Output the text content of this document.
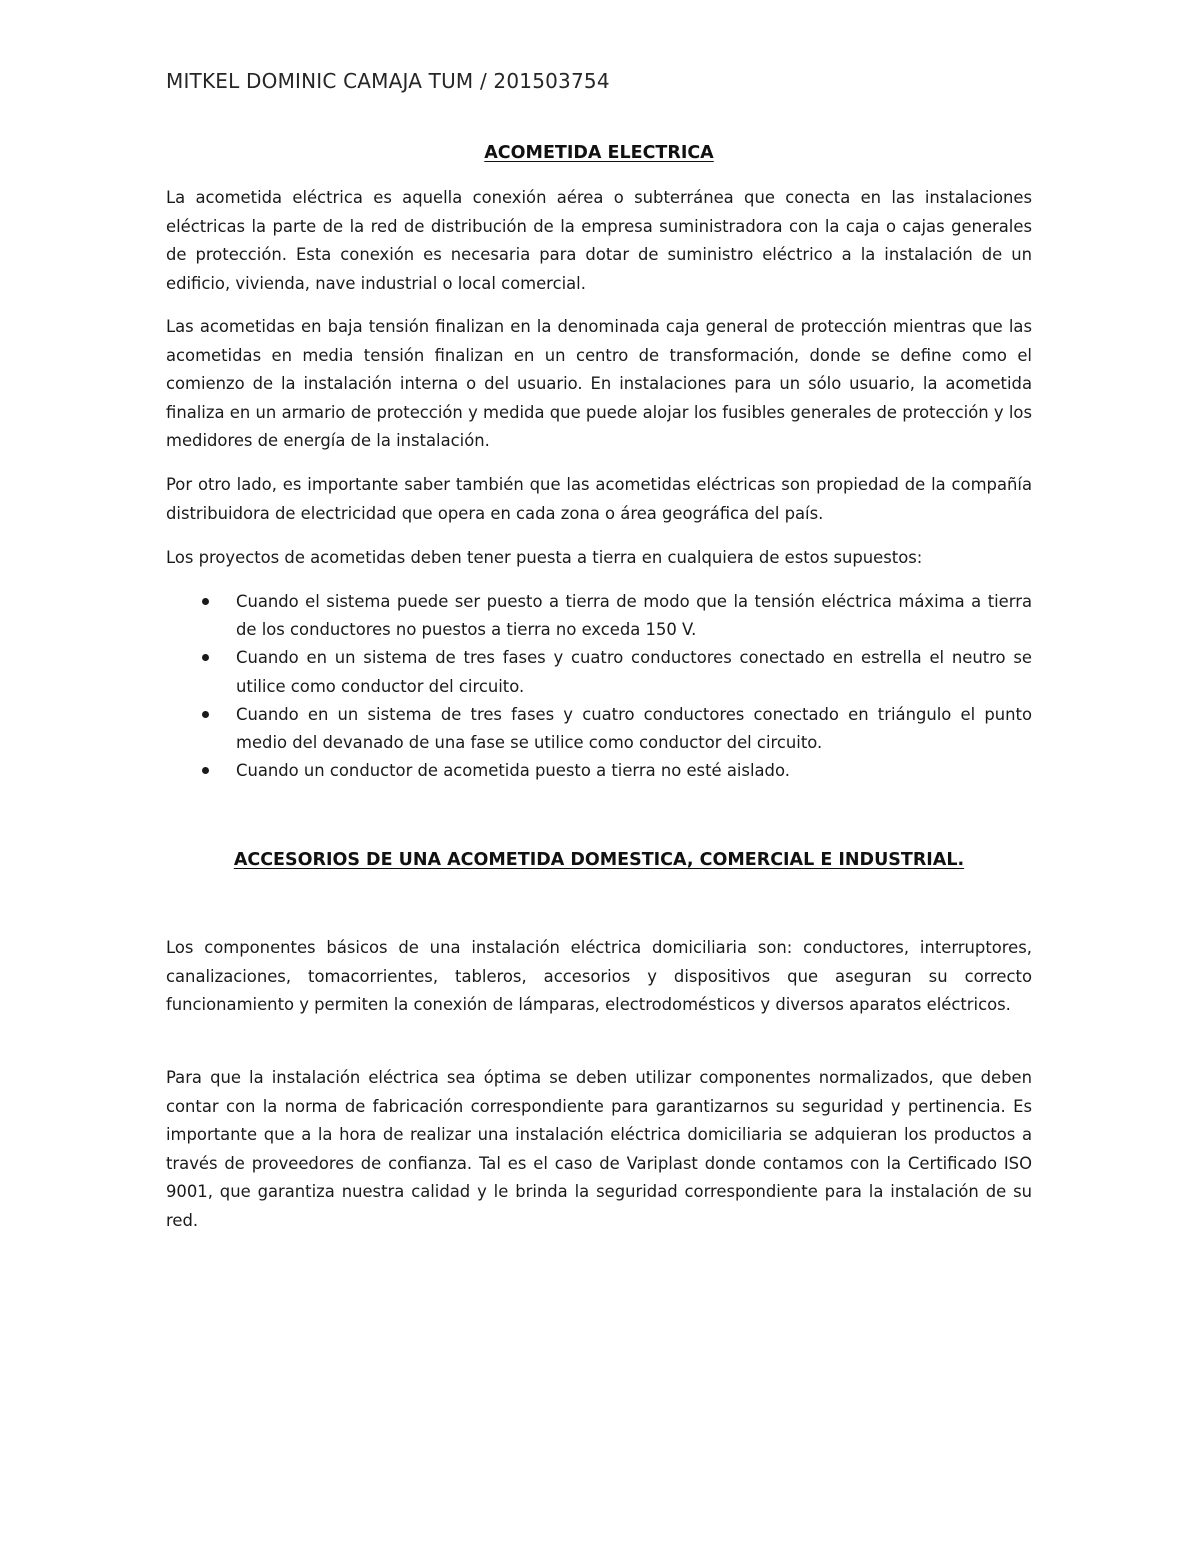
MITKEL DOMINIC CAMAJA TUM / 201503754

ACOMETIDA ELECTRICA

La acometida eléctrica es aquella conexión aérea o subterránea que conecta en las instalaciones eléctricas la parte de la red de distribución de la empresa suministradora con la caja o cajas generales de protección. Esta conexión es necesaria para dotar de suministro eléctrico a la instalación de un edificio, vivienda, nave industrial o local comercial.

Las acometidas en baja tensión finalizan en la denominada caja general de protección mientras que las acometidas en media tensión finalizan en un centro de transformación, donde se define como el comienzo de la instalación interna o del usuario. En instalaciones para un sólo usuario, la acometida finaliza en un armario de protección y medida que puede alojar los fusibles generales de protección y los medidores de energía de la instalación.

Por otro lado, es importante saber también que las acometidas eléctricas son propiedad de la compañía distribuidora de electricidad que opera en cada zona o área geográfica del país.

Los proyectos de acometidas deben tener puesta a tierra en cualquiera de estos supuestos:

Cuando el sistema puede ser puesto a tierra de modo que la tensión eléctrica máxima a tierra de los conductores no puestos a tierra no exceda 150 V.
Cuando en un sistema de tres fases y cuatro conductores conectado en estrella el neutro se utilice como conductor del circuito.
Cuando en un sistema de tres fases y cuatro conductores conectado en triángulo el punto medio del devanado de una fase se utilice como conductor del circuito.
Cuando un conductor de acometida puesto a tierra no esté aislado.
ACCESORIOS DE UNA ACOMETIDA DOMESTICA, COMERCIAL E INDUSTRIAL.

Los componentes básicos de una instalación eléctrica domiciliaria son: conductores, interruptores, canalizaciones, tomacorrientes, tableros, accesorios y dispositivos que aseguran su correcto funcionamiento y permiten la conexión de lámparas, electrodomésticos y diversos aparatos eléctricos.

Para que la instalación eléctrica sea óptima se deben utilizar componentes normalizados, que deben contar con la norma de fabricación correspondiente para garantizarnos su seguridad y pertinencia. Es importante que a la hora de realizar una instalación eléctrica domiciliaria se adquieran los productos a través de proveedores de confianza. Tal es el caso de Variplast donde contamos con la Certificado ISO 9001, que garantiza nuestra calidad y le brinda la seguridad correspondiente para la instalación de su red.
